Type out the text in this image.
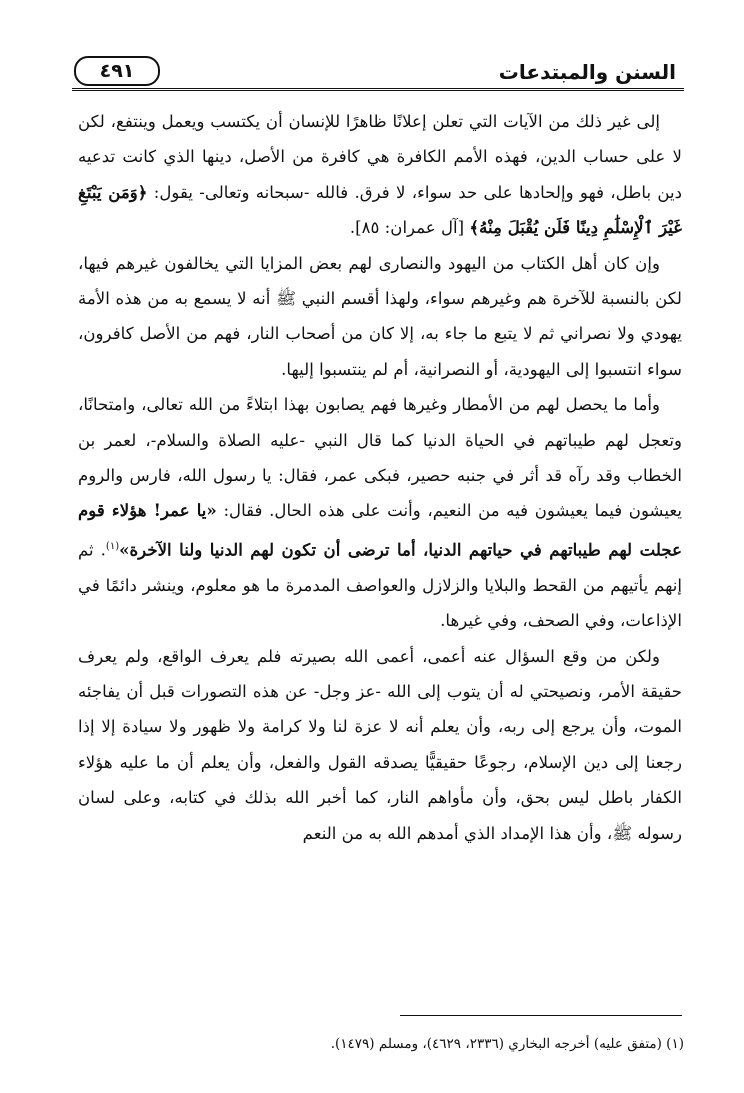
السنن والمبتدعات
٤٩١

إلى غير ذلك من الآيات التي تعلن إعلانًا ظاهرًا للإنسان أن يكتسب ويعمل وينتفع، لكن لا على حساب الدين، فهذه الأمم الكافرة هي كافرة من الأصل، دينها الذي كانت تدعيه دين باطل، فهو وإلحادها على حد سواء، لا فرق. فالله -سبحانه وتعالى- يقول: ﴿وَمَن يَبْتَغِ غَيْرَ ٱلْإِسْلَٰمِ دِينًا فَلَن يُقْبَلَ مِنْهُ﴾ [آل عمران: ٨٥].

وإن كان أهل الكتاب من اليهود والنصارى لهم بعض المزايا التي يخالفون غيرهم فيها، لكن بالنسبة للآخرة هم وغيرهم سواء، ولهذا أقسم النبي ﷺ أنه لا يسمع به من هذه الأمة يهودي ولا نصراني ثم لا يتبع ما جاء به، إلا كان من أصحاب النار، فهم من الأصل كافرون، سواء انتسبوا إلى اليهودية، أو النصرانية، أم لم ينتسبوا إليها.

وأما ما يحصل لهم من الأمطار وغيرها فهم يصابون بهذا ابتلاءً من الله تعالى، وامتحانًا، وتعجل لهم طيباتهم في الحياة الدنيا كما قال النبي -عليه الصلاة والسلام-، لعمر بن الخطاب وقد رآه قد أثر في جنبه حصير، فبكى عمر، فقال: يا رسول الله، فارس والروم يعيشون فيما يعيشون فيه من النعيم، وأنت على هذه الحال. فقال: «يا عمر! هؤلاء قوم عجلت لهم طيباتهم في حياتهم الدنيا، أما ترضى أن تكون لهم الدنيا ولنا الآخرة»$^{(١)}$. ثم إنهم يأتيهم من القحط والبلايا والزلازل والعواصف المدمرة ما هو معلوم، وينشر دائمًا في الإذاعات، وفي الصحف، وفي غيرها.

ولكن من وقع السؤال عنه أعمى، أعمى الله بصيرته فلم يعرف الواقع، ولم يعرف حقيقة الأمر، ونصيحتي له أن يتوب إلى الله -عز وجل- عن هذه التصورات قبل أن يفاجئه الموت، وأن يرجع إلى ربه، وأن يعلم أنه لا عزة لنا ولا كرامة ولا ظهور ولا سيادة إلا إذا رجعنا إلى دين الإسلام، رجوعًا حقيقيًّا يصدقه القول والفعل، وأن يعلم أن ما عليه هؤلاء الكفار باطل ليس بحق، وأن مأواهم النار، كما أخبر الله بذلك في كتابه، وعلى لسان رسوله ﷺ، وأن هذا الإمداد الذي أمدهم الله به من النعم

(١) (متفق عليه) أخرجه البخاري (٢٣٣٦، ٤٦٢٩)، ومسلم (١٤٧٩).
